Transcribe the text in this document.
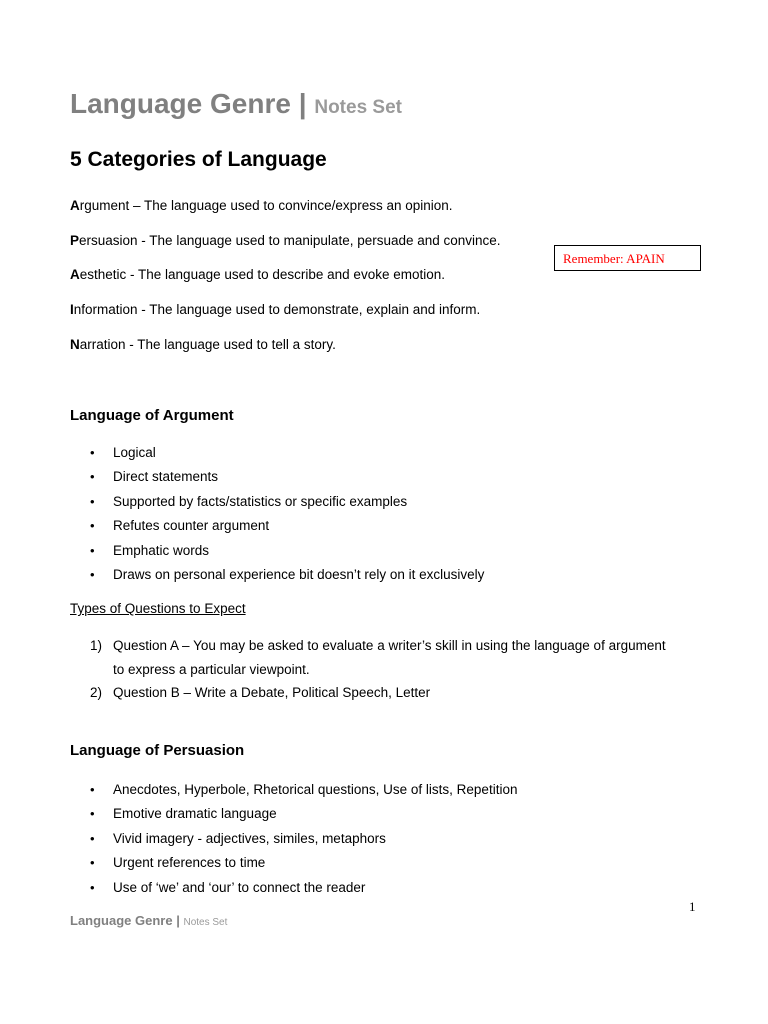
Language Genre | Notes Set
5 Categories of Language
Argument – The language used to convince/express an opinion.
Persuasion - The language used to manipulate, persuade and convince.
Aesthetic - The language used to describe and evoke emotion.
Information - The language used to demonstrate, explain and inform.
Narration - The language used to tell a story.
Remember: APAIN
Language of Argument
• Logical
• Direct statements
• Supported by facts/statistics or specific examples
• Refutes counter argument
• Emphatic words
• Draws on personal experience bit doesn’t rely on it exclusively
Types of Questions to Expect
1) Question A – You may be asked to evaluate a writer’s skill in using the language of argument to express a particular viewpoint.
2) Question B – Write a Debate, Political Speech, Letter
Language of Persuasion
• Anecdotes, Hyperbole, Rhetorical questions, Use of lists, Repetition
• Emotive dramatic language
• Vivid imagery - adjectives, similes, metaphors
• Urgent references to time
• Use of ‘we’ and ‘our’ to connect the reader
1
Language Genre | Notes Set
